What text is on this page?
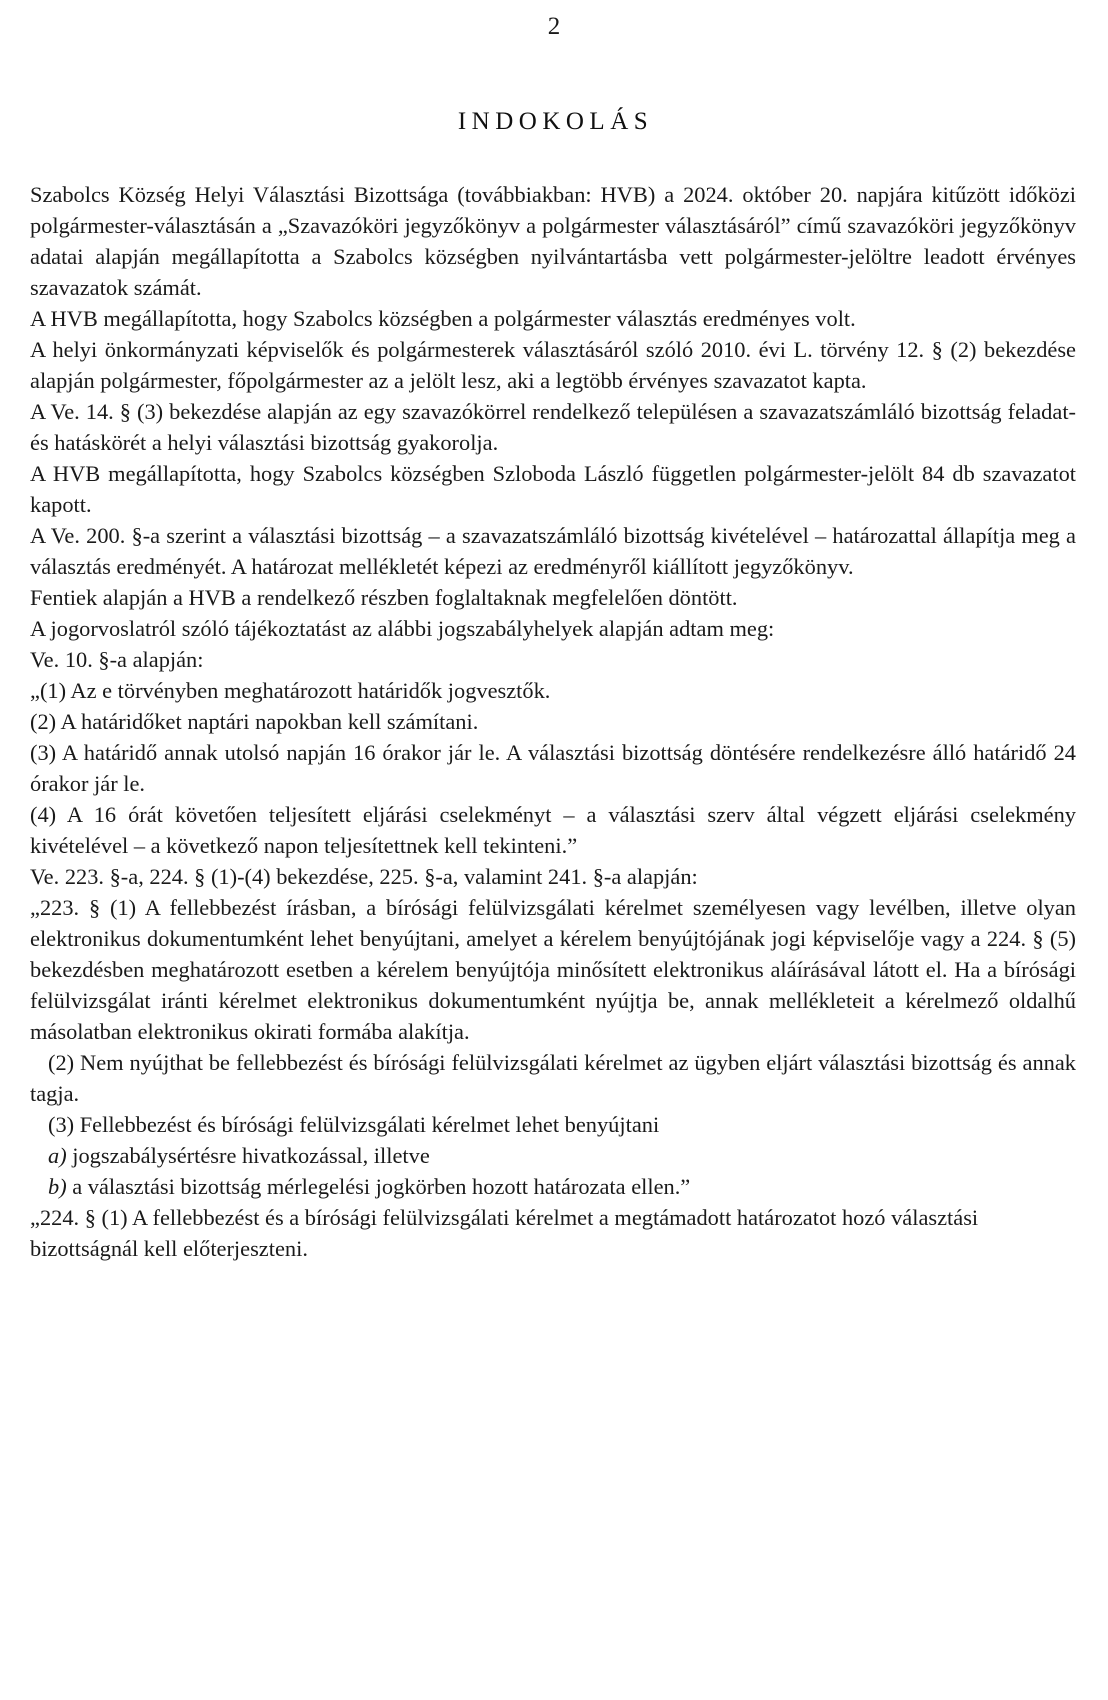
2
INDOKOLÁS

Szabolcs Község Helyi Választási Bizottsága (továbbiakban: HVB) a 2024. október 20. napjára kitűzött időközi polgármester-választásán a „Szavazóköri jegyzőkönyv a polgármester választásáról” című szavazóköri jegyzőkönyv adatai alapján megállapította a Szabolcs községben nyilvántartásba vett polgármester-jelöltre leadott érvényes szavazatok számát.

A HVB megállapította, hogy Szabolcs községben a polgármester választás eredményes volt.

A helyi önkormányzati képviselők és polgármesterek választásáról szóló 2010. évi L. törvény 12. § (2) bekezdése alapján polgármester, főpolgármester az a jelölt lesz, aki a legtöbb érvényes szavazatot kapta.

A Ve. 14. § (3) bekezdése alapján az egy szavazókörrel rendelkező településen a szavazatszámláló bizottság feladat- és hatáskörét a helyi választási bizottság gyakorolja.

A HVB megállapította, hogy Szabolcs községben Szloboda László független polgármester-jelölt 84 db szavazatot kapott.

A Ve. 200. §-a szerint a választási bizottság – a szavazatszámláló bizottság kivételével – határozattal állapítja meg a választás eredményét. A határozat mellékletét képezi az eredményről kiállított jegyzőkönyv.

Fentiek alapján a HVB a rendelkező részben foglaltaknak megfelelően döntött.

A jogorvoslatról szóló tájékoztatást az alábbi jogszabályhelyek alapján adtam meg:

Ve. 10. §-a alapján:

„(1) Az e törvényben meghatározott határidők jogvesztők.

(2) A határidőket naptári napokban kell számítani.

(3) A határidő annak utolsó napján 16 órakor jár le. A választási bizottság döntésére rendelkezésre álló határidő 24 órakor jár le.

(4) A 16 órát követően teljesített eljárási cselekményt – a választási szerv által végzett eljárási cselekmény kivételével – a következő napon teljesítettnek kell tekinteni.”

Ve. 223. §-a, 224. § (1)-(4) bekezdése, 225. §-a, valamint 241. §-a alapján:

„223. § (1) A fellebbezést írásban, a bírósági felülvizsgálati kérelmet személyesen vagy levélben, illetve olyan elektronikus dokumentumként lehet benyújtani, amelyet a kérelem benyújtójának jogi képviselője vagy a 224. § (5) bekezdésben meghatározott esetben a kérelem benyújtója minősített elektronikus aláírásával látott el. Ha a bírósági felülvizsgálat iránti kérelmet elektronikus dokumentumként nyújtja be, annak mellékleteit a kérelmező oldalhű másolatban elektronikus okirati formába alakítja.

(2) Nem nyújthat be fellebbezést és bírósági felülvizsgálati kérelmet az ügyben eljárt választási bizottság és annak tagja.

(3) Fellebbezést és bírósági felülvizsgálati kérelmet lehet benyújtani

a) jogszabálysértésre hivatkozással, illetve

b) a választási bizottság mérlegelési jogkörben hozott határozata ellen.”

„224. § (1) A fellebbezést és a bírósági felülvizsgálati kérelmet a megtámadott határozatot hozó választási bizottságnál kell előterjeszteni.
